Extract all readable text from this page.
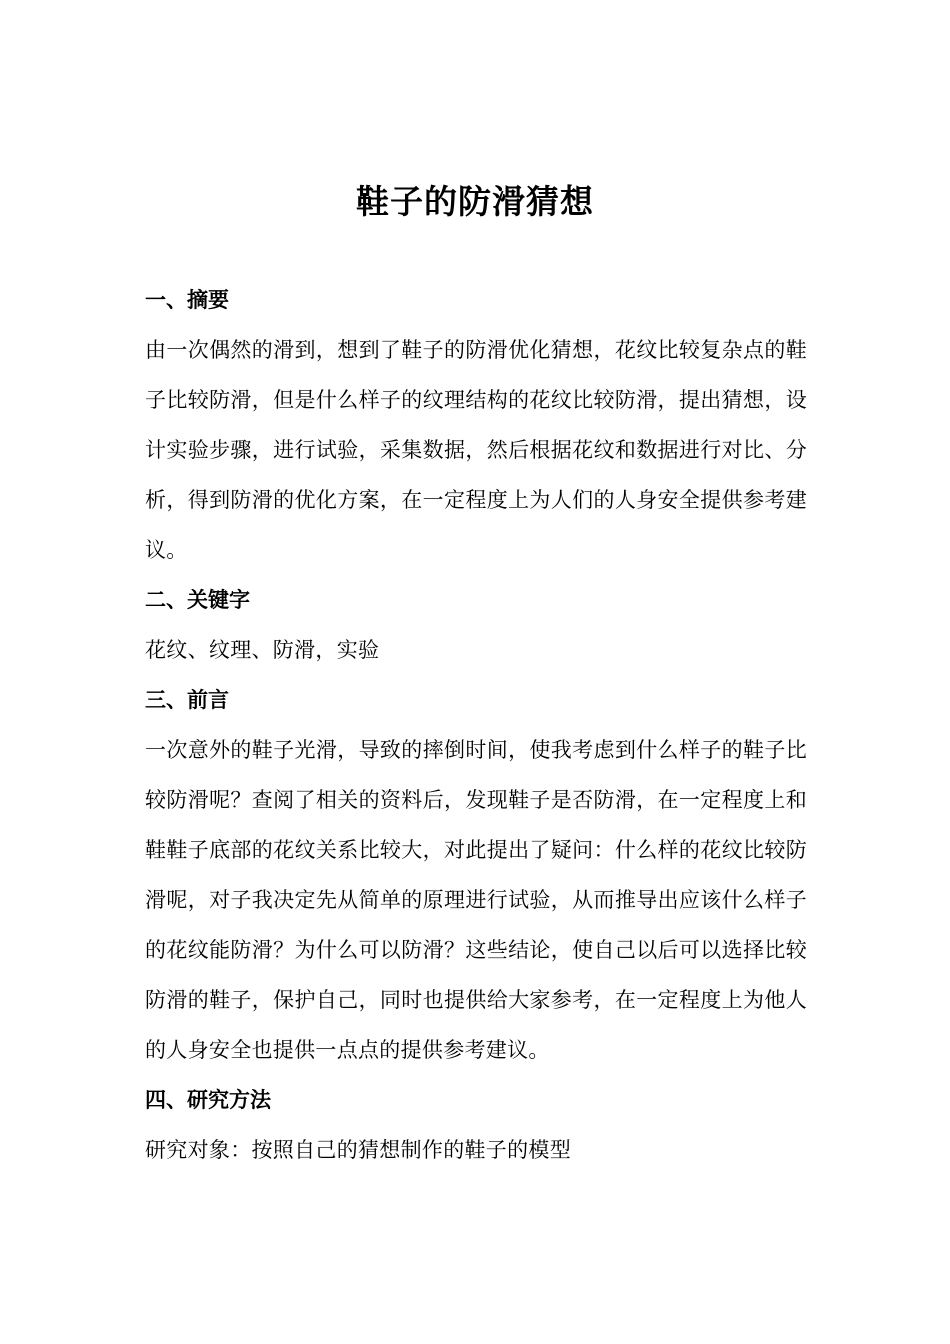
鞋子的防滑猜想

一、摘要

由一次偶然的滑到，想到了鞋子的防滑优化猜想，花纹比较复杂点的鞋子比较防滑，但是什么样子的纹理结构的花纹比较防滑，提出猜想，设计实验步骤，进行试验，采集数据，然后根据花纹和数据进行对比、分析，得到防滑的优化方案，在一定程度上为人们的人身安全提供参考建议。

二、关键字

花纹、纹理、防滑，实验

三、前言

一次意外的鞋子光滑，导致的摔倒时间，使我考虑到什么样子的鞋子比较防滑呢？查阅了相关的资料后，发现鞋子是否防滑，在一定程度上和鞋鞋子底部的花纹关系比较大，对此提出了疑问：什么样的花纹比较防滑呢，对子我决定先从简单的原理进行试验，从而推导出应该什么样子的花纹能防滑？为什么可以防滑？这些结论，使自己以后可以选择比较防滑的鞋子，保护自己，同时也提供给大家参考，在一定程度上为他人的人身安全也提供一点点的提供参考建议。

四、研究方法

研究对象：按照自己的猜想制作的鞋子的模型
